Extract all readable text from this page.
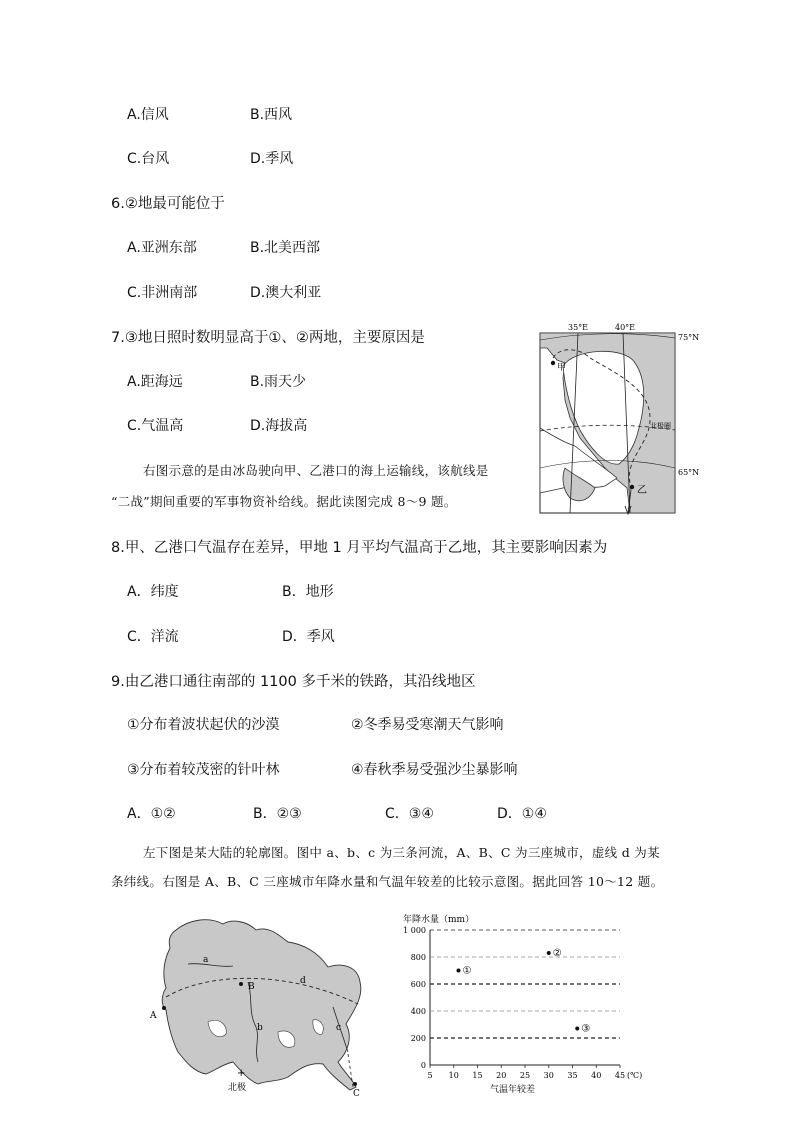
A.信风	B.西风
C.台风	D.季风
6.②地最可能位于
A.亚洲东部	B.北美西部
C.非洲南部	D.澳大利亚
7.③地日照时数明显高于①、②两地，主要原因是
A.距海远	B.雨天少
C.气温高	D.海拔高
右图示意的是由冰岛驶向甲、乙港口的海上运输线，该航线是
“二战”期间重要的军事物资补给线。据此读图完成 8～9 题。
甲
乙
35°E	40°E
75°N
65°N
北极圈
8.甲、乙港口气温存在差异，甲地 1 月平均气温高于乙地，其主要影响因素为
A．纬度	B．地形
C．洋流	D．季风
9.由乙港口通往南部的 1100 多千米的铁路，其沿线地区
①分布着波状起伏的沙漠	②冬季易受寒潮天气影响
③分布着较茂密的针叶林	④春秋季易受强沙尘暴影响
A．①②	B．②③	C．③④	D．①④
左下图是某大陆的轮廓图。图中 a、b、c 为三条河流，A、B、C 为三座城市，虚线 d 为某
条纬线。右图是 A、B、C 三座城市年降水量和气温年较差的比较示意图。据此回答 10～12 题。
a
b	c
d
A
B
C
+
北极
年降水量（mm）
0
200
400
600
800
1 000
5 10 15 20 25 30 35 40 45
①
②
③
气温年较差
(℃)
